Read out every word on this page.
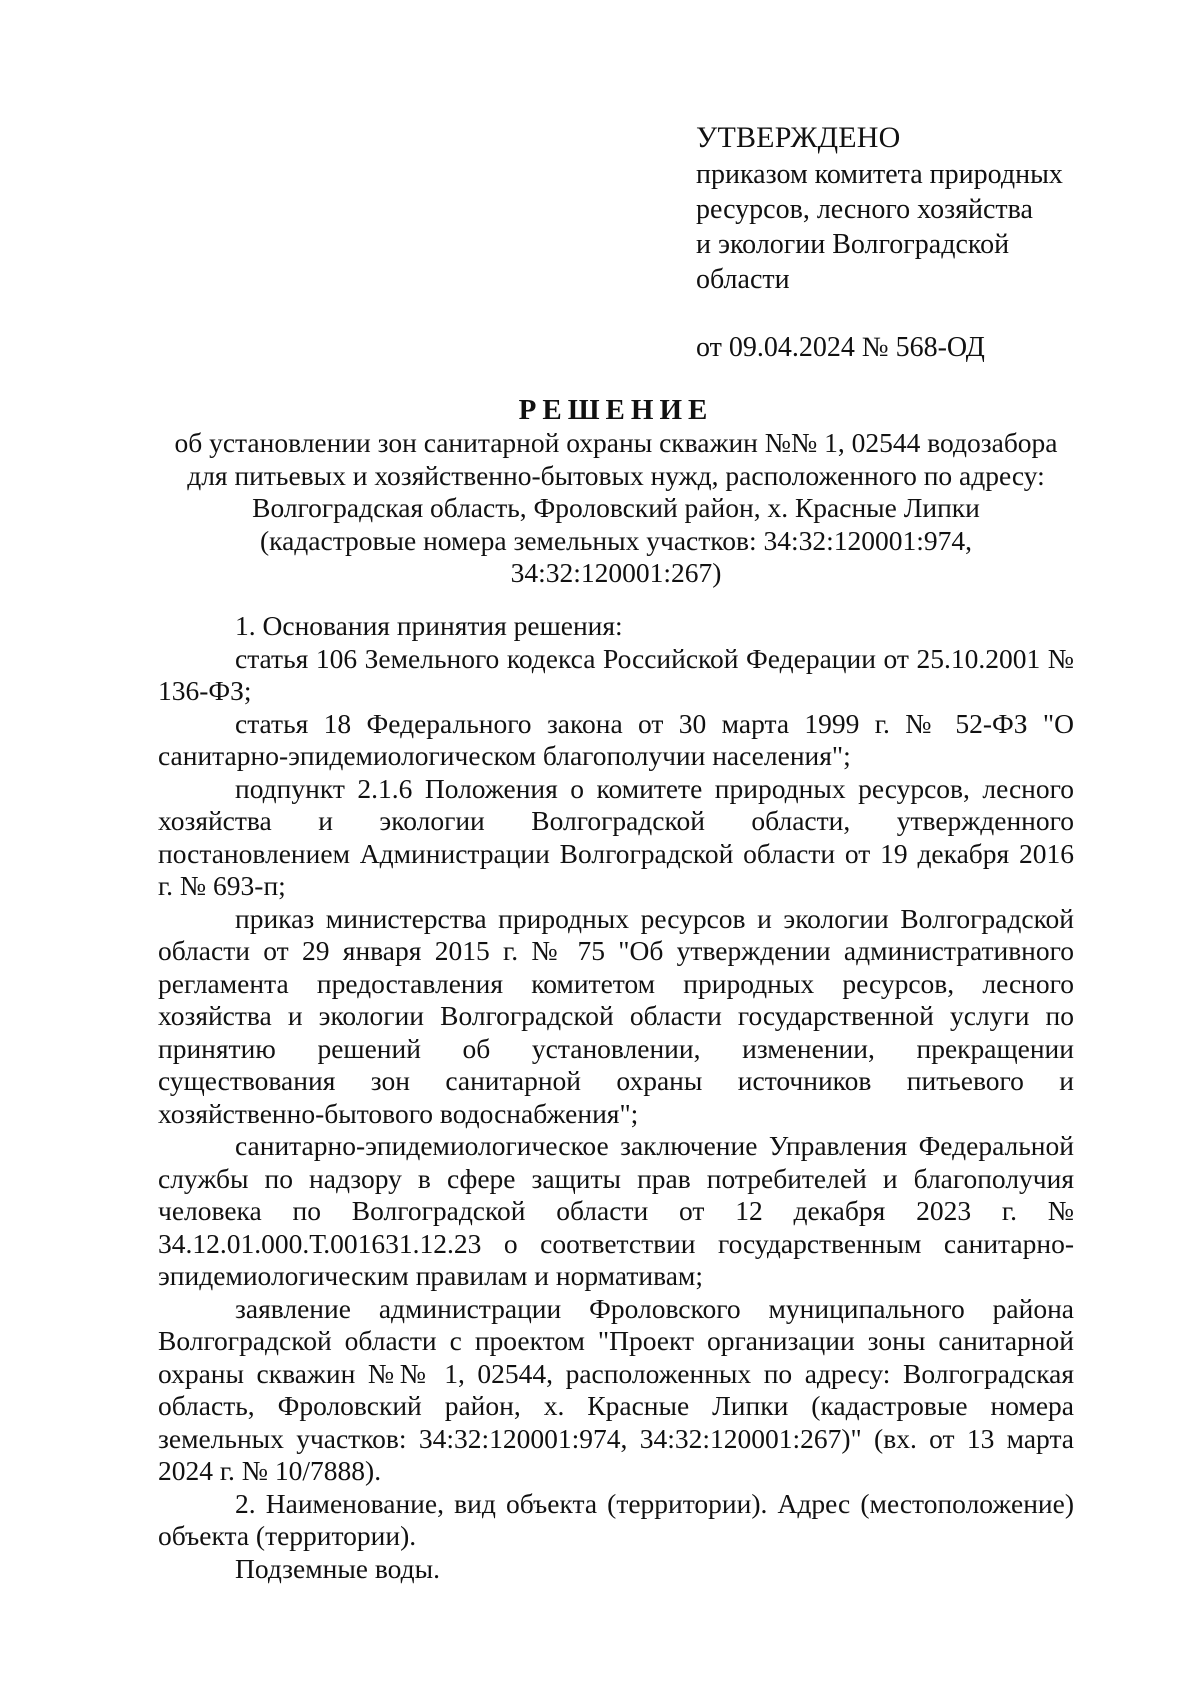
УТВЕРЖДЕНО
приказом комитета природных
ресурсов, лесного хозяйства
и экологии Волгоградской
области
от 09.04.2024 № 568-ОД
РЕШЕНИЕ
об установлении зон санитарной охраны скважин №№ 1, 02544 водозабора
для питьевых и хозяйственно-бытовых нужд, расположенного по адресу:
Волгоградская область, Фроловский район, х. Красные Липки
(кадастровые номера земельных участков: 34:32:120001:974,
34:32:120001:267)

1. Основания принятия решения:

статья 106 Земельного кодекса Российской Федерации от 25.10.2001 № 136-ФЗ;

статья 18 Федерального закона от 30 марта 1999 г. № 52-ФЗ "О санитарно-эпидемиологическом благополучии населения";

подпункт 2.1.6 Положения о комитете природных ресурсов, лесного хозяйства и экологии Волгоградской области, утвержденного постановлением Администрации Волгоградской области от 19 декабря 2016 г. № 693-п;

приказ министерства природных ресурсов и экологии Волгоградской области от 29 января 2015 г. № 75 "Об утверждении административного регламента предоставления комитетом природных ресурсов, лесного хозяйства и экологии Волгоградской области государственной услуги по принятию решений об установлении, изменении, прекращении существования зон санитарной охраны источников питьевого и хозяйственно-бытового водоснабжения";

санитарно-эпидемиологическое заключение Управления Федеральной службы по надзору в сфере защиты прав потребителей и благополучия человека по Волгоградской области от 12 декабря 2023 г. № 34.12.01.000.Т.001631.12.23 о соответствии государственным санитарно-эпидемиологическим правилам и нормативам;

заявление администрации Фроловского муниципального района Волгоградской области с проектом "Проект организации зоны санитарной охраны скважин №№ 1, 02544, расположенных по адресу: Волгоградская область, Фроловский район, х. Красные Липки (кадастровые номера земельных участков: 34:32:120001:974, 34:32:120001:267)" (вх. от 13 марта 2024 г. № 10/7888).

2. Наименование, вид объекта (территории). Адрес (местоположение) объекта (территории).

Подземные воды.
